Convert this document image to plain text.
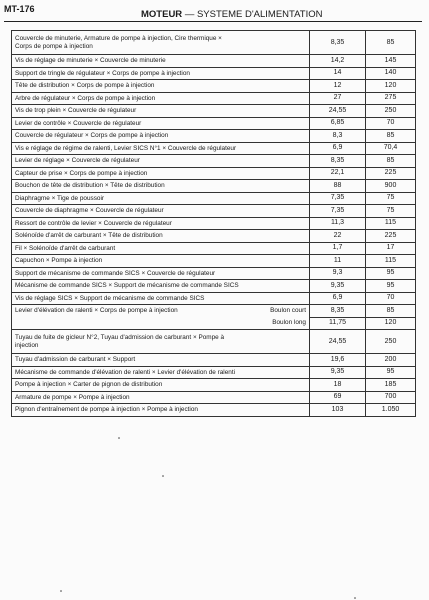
MT-176	MOTEUR — SYSTEME D'ALIMENTATION
Couvercle de minuterie, Armature de pompe à injection, Cire thermique ×
Corps de pompe à injection	8,35	85
Vis de réglage de minuterie × Couvercle de minuterie	14,2	145
Support de tringle de régulateur × Corps de pompe à injection	14	140
Tête de distribution × Corps de pompe à injection	12	120
Arbre de régulateur × Corps de pompe à injection	27	275
Vis de trop plein × Couvercle de régulateur	24,55	250
Levier de contrôle × Couvercle de régulateur	6,85	70
Couvercle de régulateur × Corps de pompe à injection	8,3	85
Vis e réglage de régime de ralenti, Levier SICS N°1 × Couvercle de régulateur	6,9	70,4
Levier de réglage × Couvercle de régulateur	8,35	85
Capteur de prise × Corps de pompe à injection	22,1	225
Bouchon de tête de distribution × Tête de distribution	88	900
Diaphragme × Tige de poussoir	7,35	75
Couvercle de diaphragme × Couvercle de régulateur	7,35	75
Ressort de contrôle de levier × Couvercle de régulateur	11,3	115
Solénoïde d'arrêt de carburant × Tête de distribution	22	225
Fil × Solénoïde d'arrêt de carburant	1,7	17
Capuchon × Pompe à injection	11	115
Support de mécanisme de commande SICS × Couvercle de régulateur	9,3	95
Mécanisme de commande SICS × Support de mécanisme de commande SICS	9,35	95
Vis de réglage SICS × Support de mécanisme de commande SICS	6,9	70

Levier d'élévation de ralenti × Corps de pompe à injection Boulon court	8,35	85

Boulon long	11,75	120
Tuyau de fuite de gicleur N°2, Tuyau d'admission de carburant × Pompe à
injection	24,55	250
Tuyau d'admission de carburant × Support	19,6	200
Mécanisme de commande d'élévation de ralenti × Levier d'élévation de ralenti	9,35	95
Pompe à injection × Carter de pignon de distribution	18	185
Armature de pompe × Pompe à injection	69	700
Pignon d'entraînement de pompe à injection × Pompe à injection	103	1.050
